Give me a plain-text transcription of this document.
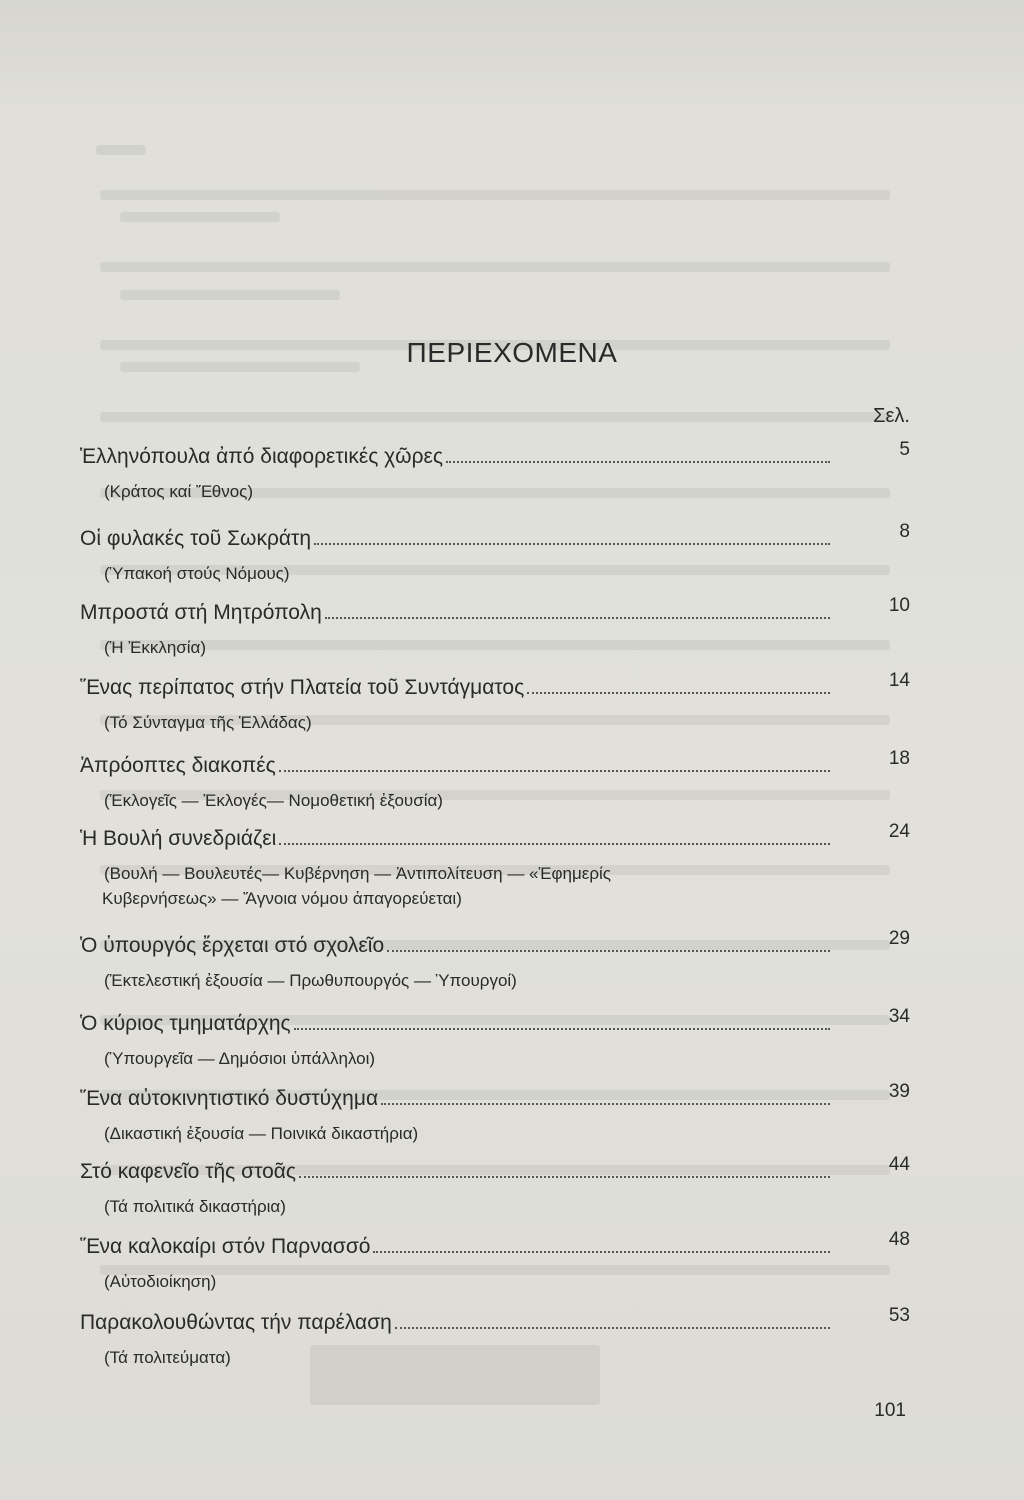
ΠΕΡΙΕΧΟΜΕΝΑ
Σελ.
Ἑλληνόπουλα ἀπό διαφορετικές χῶρες	5
(Κράτος καί Ἔθνος)
Οἱ φυλακές τοῦ Σωκράτη	8
(Ὑπακοή στούς Νόμους)
Μπροστά στή Μητρόπολη	10
(Ἡ Ἐκκλησία)
Ἕνας περίπατος στήν Πλατεία τοῦ Συντάγματος	14
(Τό Σύνταγμα τῆς Ἑλλάδας)
Ἀπρόοπτες διακοπές	18
(Ἐκλογεῖς — Ἐκλογές— Νομοθετική ἐξουσία)
Ἡ Βουλή συνεδριάζει	24
(Βουλή — Βουλευτές— Κυβέρνηση — Ἀντιπολίτευση — «Ἐφημερίς
Κυβερνήσεως» — Ἄγνοια νόμου ἀπαγορεύεται)
Ὁ ὑπουργός ἔρχεται στό σχολεῖο	29
(Ἐκτελεστική ἐξουσία — Πρωθυπουργός — Ὑπουργοί)
Ὁ κύριος τμηματάρχης	34
(Ὑπουργεῖα — Δημόσιοι ὑπάλληλοι)
Ἕνα αὐτοκινητιστικό δυστύχημα	39
(Δικαστική ἐξουσία — Ποινικά δικαστήρια)
Στό καφενεῖο τῆς στοᾶς	44
(Τά πολιτικά δικαστήρια)
Ἕνα καλοκαίρι στόν Παρνασσό	48
(Αὐτοδιοίκηση)
Παρακολουθώντας τήν παρέλαση	53
(Τά πολιτεύματα)
101
